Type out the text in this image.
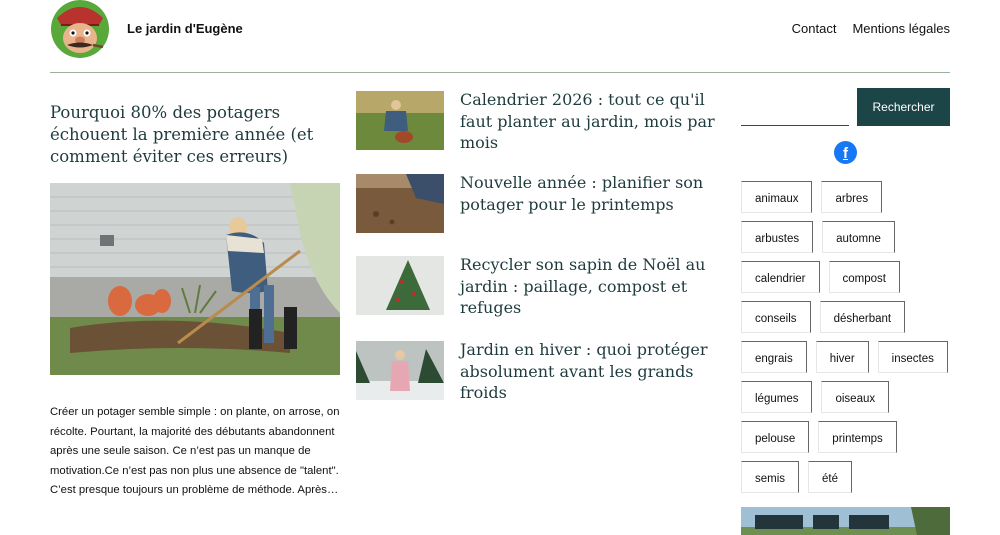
Le jardin d'Eugène	Contact Mentions légales
Pourquoi 80% des potagers échouent la première année (et comment éviter ces erreurs)

Créer un potager semble simple : on plante, on arrose, on récolte. Pourtant, la majorité des débutants abandonnent après une seule saison. Ce n’est pas un manque de motivation.Ce n’est pas non plus une absence de "talent". C’est presque toujours un problème de méthode. Après…

Calendrier 2026 : tout ce qu'il faut planter au jardin, mois par mois
Nouvelle année : planifier son potager pour le printemps
Recycler son sapin de Noël au jardin : paillage, compost et refuges
Jardin en hiver : quoi protéger absolument avant les grands froids
Rechercher
f
animaux	arbres
arbustes	automne
calendrier	compost
conseils	désherbant
engrais	hiver	insectes
légumes	oiseaux
pelouse	printemps
semis	été
